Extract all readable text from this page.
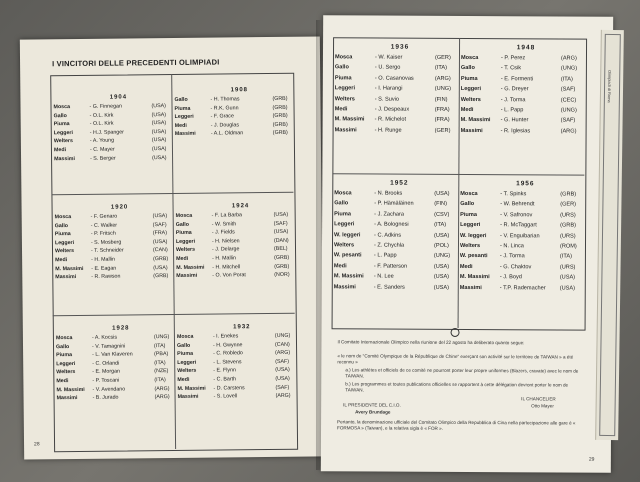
I VINCITORI DELLE PRECEDENTI OLIMPIADI
1904
Mosca	- G. Finnegan	(USA)
Gallo	- O.L. Kirk	(USA)
Piuma	- O.L. Kirk	(USA)
Leggeri	- H.J. Spanger	(USA)
Welters	- A. Young	(USA)
Medi	- C. Mayer	(USA)
Massimi	- S. Berger	(USA)
1908
Gallo	- H. Thomas	(GRB)
Piuma	- R.K. Gunn	(GRB)
Leggeri	- F. Grace	(GRB)
Medi	- J. Douglas	(GRB)
Massimi	- A.L. Oldman	(GRB)
1920
Mosca	- F. Genaro	(USA)
Gallo	- C. Walker	(SAF)
Piuma	- P. Fritsch	(FRA)
Leggeri	- S. Mosberg	(USA)
Welters	- T. Schneider	(CAN)
Medi	- H. Mallin	(GRB)
M. Massimi	- E. Eagan	(USA)
Massimi	- R. Rawson	(GRB)
1924
Mosca	- F. La Barba	(USA)
Gallo	- W. Smith	(SAF)
Piuma	- J. Fields	(USA)
Leggeri	- H. Nielsen	(DAN)
Welters	- J. Delarge	(BEL)
Medi	- H. Mallin	(GRB)
M. Massimi	- H. Mitchell	(GRB)
Massimi	- O. Von Porat	(NOR)
1928
Mosca	- A. Kocsis	(UNG)
Gallo	- V. Tamagnini	(ITA)
Piuma	- L. Van Klaveren	(PBA)
Leggeri	- C. Orlandi	(ITA)
Welters	- E. Morgan	(NZE)
Medi	- P. Toscani	(ITA)
M. Massimi	- V. Avendano	(ARG)
Massimi	- B. Jurado	(ARG)
1932
Mosca	- I. Enekes	(UNG)
Gallo	- H. Gwynne	(CAN)
Piuma	- C. Robledo	(ARG)
Leggeri	- L. Stevens	(SAF)
Welters	- E. Flynn	(USA)
Medi	- C. Barth	(USA)
M. Massimi	- D. Carstens	(SAF)
Massimi	- S. Lovell	(ARG)
28
1936
Mosca	- W. Kaiser	(GER)
Gallo	- U. Sergo	(ITA)
Piuma	- O. Casanovas	(ARG)
Leggeri	- I. Harangi	(UNG)
Welters	- S. Suvio	(FIN)
Medi	- J. Despeaux	(FRA)
M. Massimi	- R. Michelot	(FRA)
Massimi	- H. Runge	(GER)
1948
Mosca	- P. Perez	(ARG)
Gallo	- T. Csik	(UNG)
Piuma	- E. Formenti	(ITA)
Leggeri	- G. Dreyer	(SAF)
Welters	- J. Torma	(CEC)
Medi	- L. Papp	(UNG)
M. Massimi	- G. Hunter	(SAF)
Massimi	- R. Iglesias	(ARG)
1952
Mosca	- N. Brooks	(USA)
Gallo	- P. Hämäläinen	(FIN)
Piuma	- J. Zachara	(CSV)
Leggeri	- A. Bolognesi	(ITA)
W. leggeri	- C. Adkins	(USA)
Welters	- Z. Chychla	(POL)
W. pesanti	- L. Papp	(UNG)
Medi	- F. Patterson	(USA)
M. Massimi	- N. Lee	(USA)
Massimi	- E. Sanders	(USA)
1956
Mosca	- T. Spinks	(GRB)
Gallo	- W. Behrendt	(GER)
Piuma	- V. Safronov	(URS)
Leggeri	- R. McTaggart	(GRB)
W. leggeri	- V. Enguibarian	(URS)
Welters	- N. Linca	(ROM)
W. pesanti	- J. Torma	(ITA)
Medi	- G. Chaktov	(URS)
M. Massimi	- J. Boyd	(USA)
Massimi	- T.P. Rademacher	(USA)
Il Comitato Internazionale Olimpico nella riunione del 22 agosto ha deliberato quanto segue:
« le nom de "Comité Olympique de la République de Chine" exerçant son activité sur le territoire de TAIWAN » a été reconnu »
a.) Les athlètes et officiels de ce comité ne pourront porter leur propre uniformes (Blazers, cravate) avec le nom de TAIWAN.
b.) Les programmes et toutes publications officielles se rapportent à cette délégation devront porter le nom de TAIWAN.
IL CHANCELIER
Otto Mayer
IL PRESIDENTE DEL C.I.O.
Avery Brundage
Pertanto, la denominazione ufficiale del Comitato Olimpico della Repubblica di Cina nella partecipazione alle gare è « FORMOSA » (Taiwan), e la relativa sigla è « FOR ».
29
Olimpiadi di Roma
